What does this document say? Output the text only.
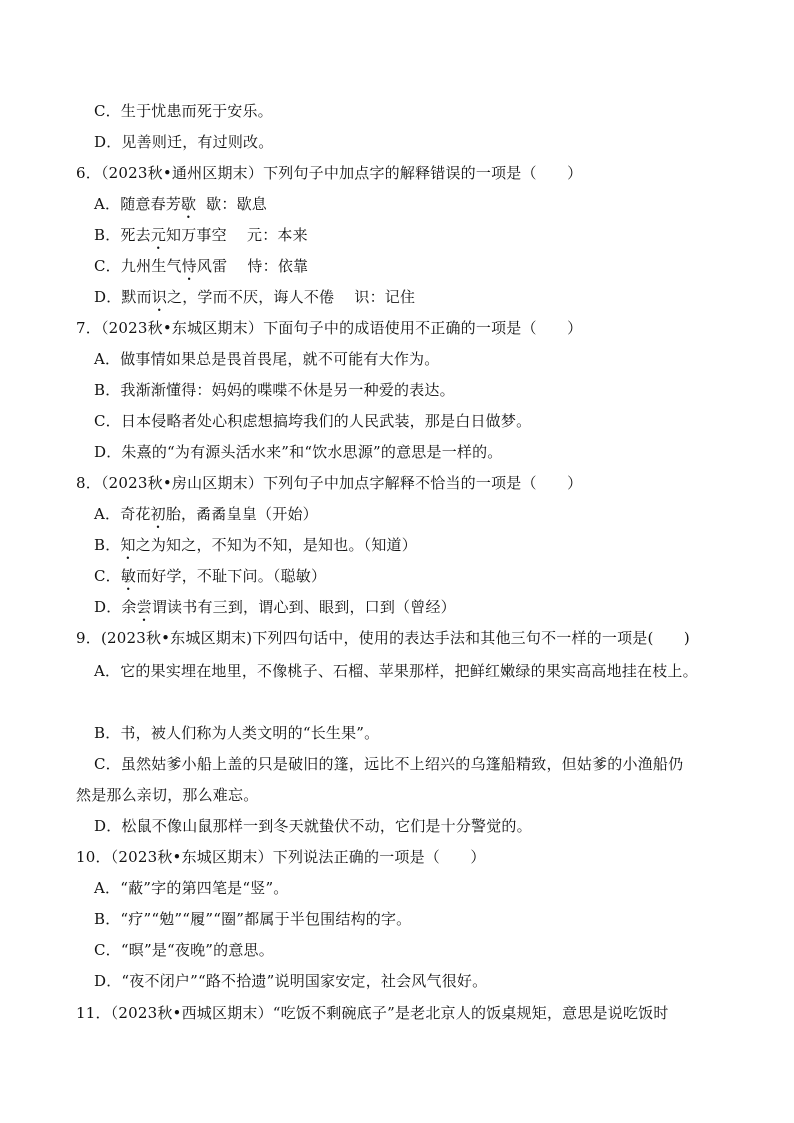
C．生于忧患而死于安乐。
D．见善则迁，有过则改。
6．（2023秋•通州区期末）下列句子中加点字的解释错误的一项是（　　）
A．随意春芳歇  歇：歇息
B．死去元知万事空　 元：本来
C．九州生气恃风雷　 恃：依靠
D．默而识之，学而不厌，诲人不倦　 识：记住
7．（2023秋•东城区期末）下面句子中的成语使用不正确的一项是（　　）
A．做事情如果总是畏首畏尾，就不可能有大作为。
B．我渐渐懂得：妈妈的喋喋不休是另一种爱的表达。
C．日本侵略者处心积虑想搞垮我们的人民武装，那是白日做梦。
D．朱熹的“为有源头活水来”和“饮水思源”的意思是一样的。
8．（2023秋•房山区期末）下列句子中加点字解释不恰当的一项是（　　）
A．奇花初胎，矞矞皇皇（开始）
B．知之为知之，不知为不知，是知也。（知道）
C．敏而好学，不耻下问。（聪敏）
D．余尝谓读书有三到，谓心到、眼到，口到（曾经）
9．(2023秋•东城区期末)下列四句话中，使用的表达手法和其他三句不一样的一项是(　　)
A．它的果实埋在地里，不像桃子、石榴、苹果那样，把鲜红嫩绿的果实高高地挂在枝上。
B．书，被人们称为人类文明的“长生果”。
C．虽然姑爹小船上盖的只是破旧的篷，远比不上绍兴的乌篷船精致，但姑爹的小渔船仍
然是那么亲切，那么难忘。
D．松鼠不像山鼠那样一到冬天就蛰伏不动，它们是十分警觉的。
10．（2023秋•东城区期末）下列说法正确的一项是（　　）
A．“蔽”字的第四笔是“竖”。
B．“疗”“勉”“履”“圈”都属于半包围结构的字。
C．“暝”是“夜晚”的意思。
D．“夜不闭户”“路不拾遗”说明国家安定，社会风气很好。
11．（2023秋•西城区期末）“吃饭不剩碗底子”是老北京人的饭桌规矩，意思是说吃饭时
